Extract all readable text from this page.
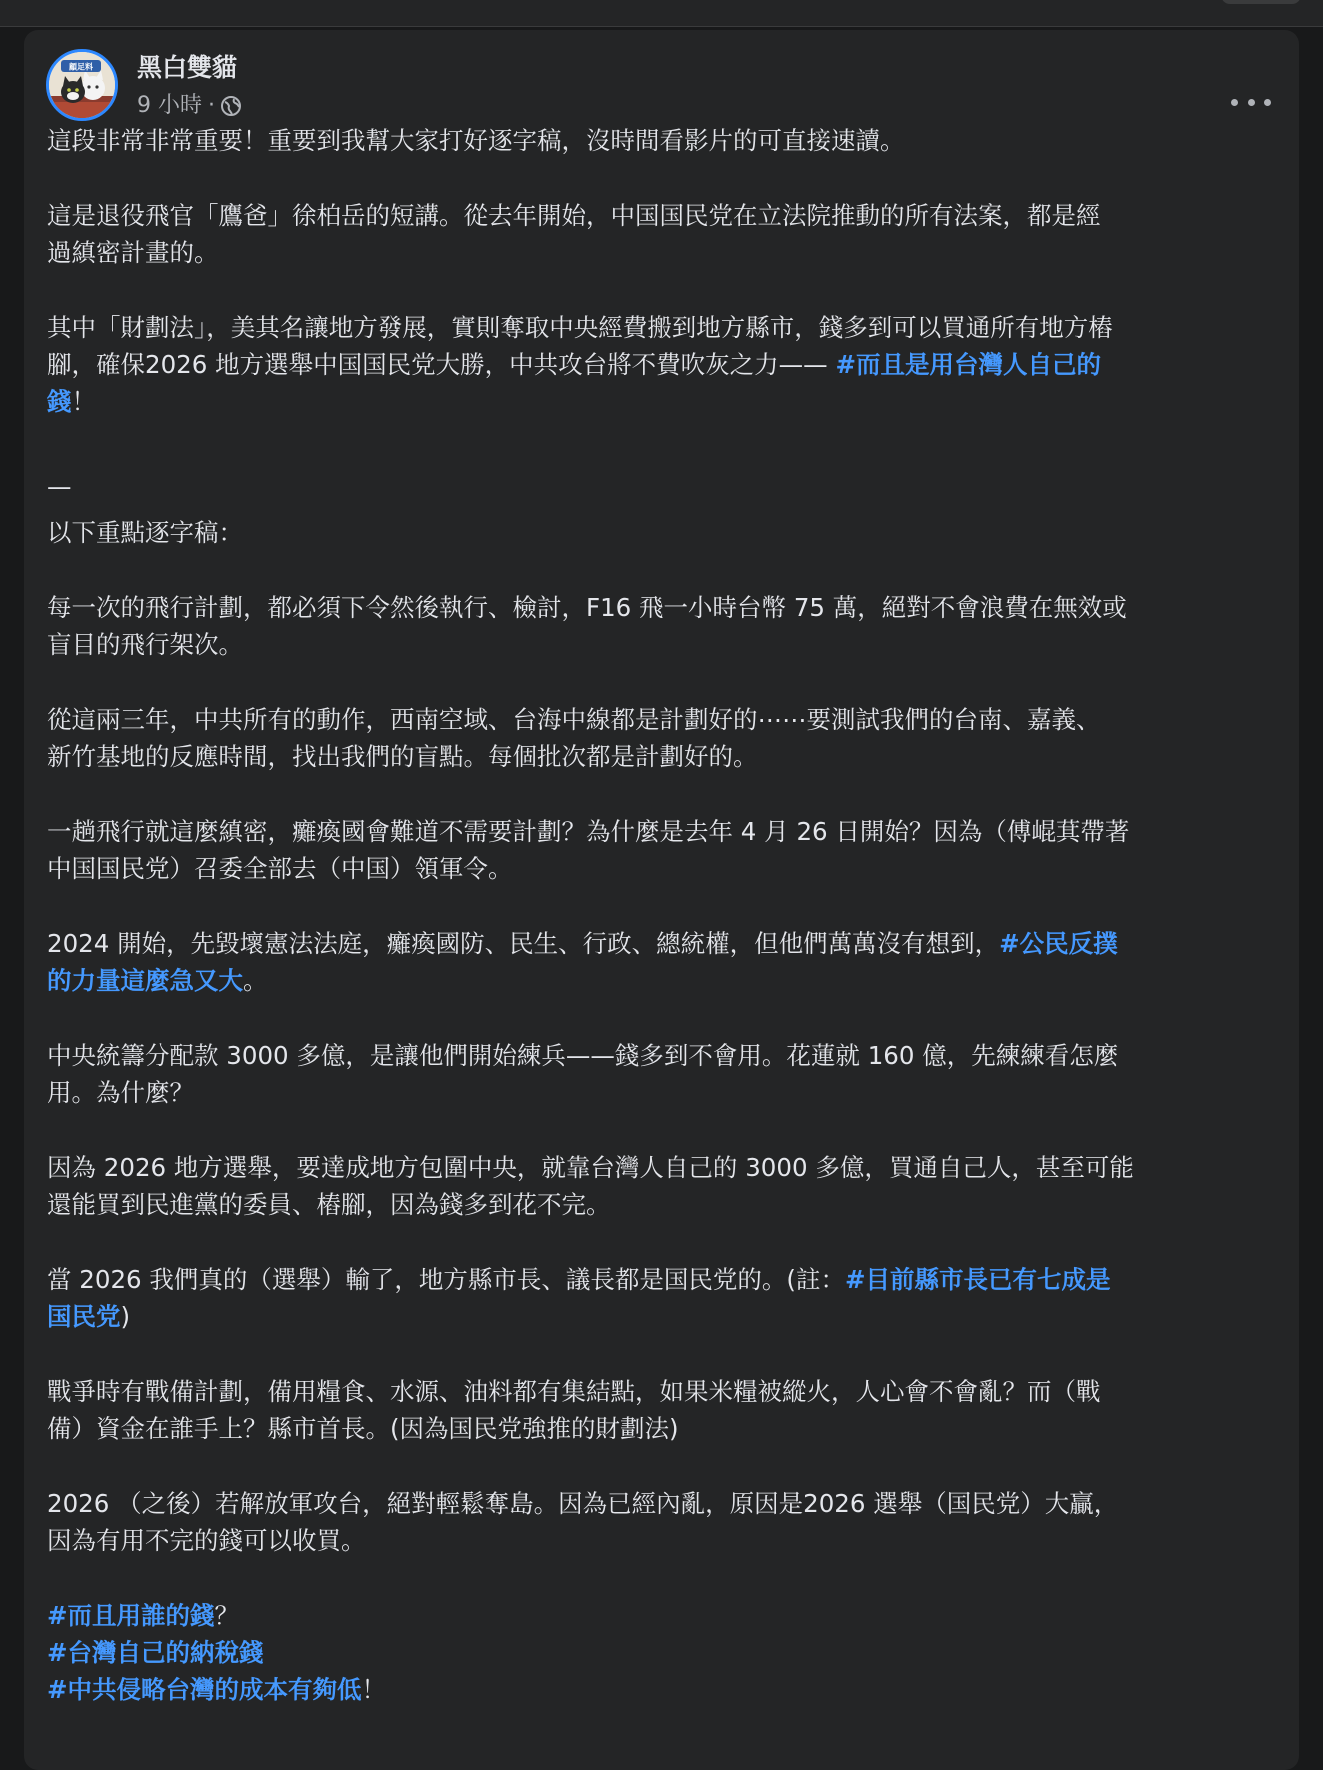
顧足料 黑白雙貓
9 小時 ·

這段非常非常重要！重要到我幫大家打好逐字稿，沒時間看影片的可直接速讀。

這是退役飛官「鷹爸」徐柏岳的短講。從去年開始，中国国民党在立法院推動的所有法案，都是經
過縝密計畫的。

其中「財劃法」，美其名讓地方發展，實則奪取中央經費搬到地方縣市，錢多到可以買通所有地方樁
腳，確保2026 地方選舉中国国民党大勝，中共攻台將不費吹灰之力—— #而且是用台灣人自己的
錢！

—

以下重點逐字稿：

每一次的飛行計劃，都必須下令然後執行、檢討，F16 飛一小時台幣 75 萬，絕對不會浪費在無效或
盲目的飛行架次。

從這兩三年，中共所有的動作，西南空域、台海中線都是計劃好的⋯⋯要測試我們的台南、嘉義、
新竹基地的反應時間，找出我們的盲點。每個批次都是計劃好的。

一趟飛行就這麼縝密，癱瘓國會難道不需要計劃？為什麼是去年 4 月 26 日開始？因為（傅崐萁帶著
中国国民党）召委全部去（中国）領軍令。

2024 開始，先毀壞憲法法庭，癱瘓國防、民生、行政、總統權，但他們萬萬沒有想到，#公民反撲
的力量這麼急又大。

中央統籌分配款 3000 多億，是讓他們開始練兵——錢多到不會用。花蓮就 160 億，先練練看怎麼
用。為什麼？

因為 2026 地方選舉，要達成地方包圍中央，就靠台灣人自己的 3000 多億，買通自己人，甚至可能
還能買到民進黨的委員、樁腳，因為錢多到花不完。

當 2026 我們真的（選舉）輸了，地方縣市長、議長都是国民党的。(註：#目前縣市長已有七成是
国民党)

戰爭時有戰備計劃，備用糧食、水源、油料都有集結點，如果米糧被縱火，人心會不會亂？而（戰
備）資金在誰手上？縣市首長。(因為国民党強推的財劃法)

2026 （之後）若解放軍攻台，絕對輕鬆奪島。因為已經內亂，原因是2026 選舉（国民党）大贏，
因為有用不完的錢可以收買。

#而且用誰的錢？
#台灣自己的納稅錢
#中共侵略台灣的成本有夠低！
